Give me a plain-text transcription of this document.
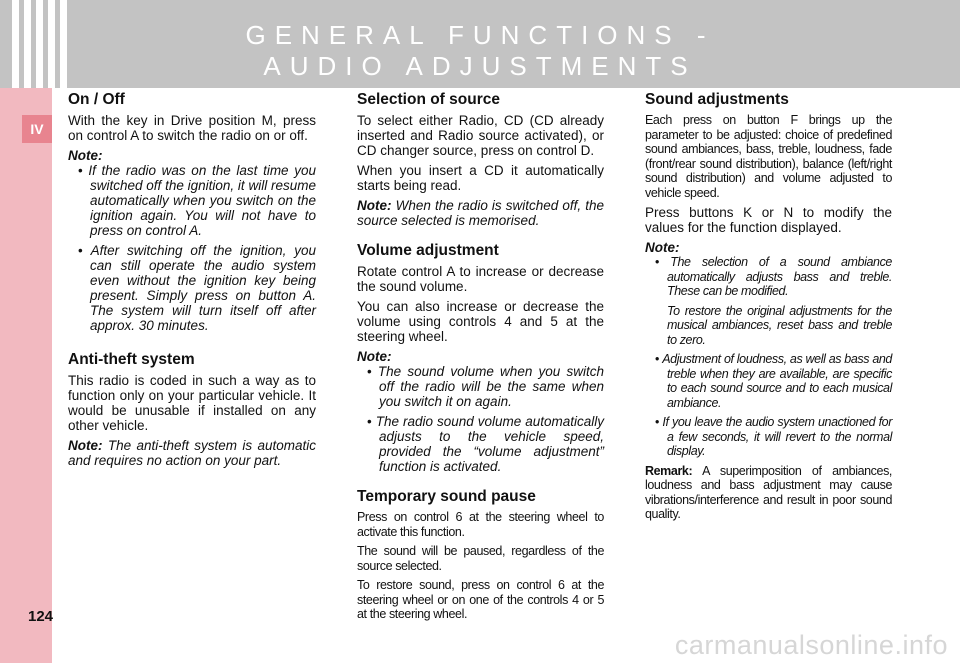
GENERAL FUNCTIONS -
AUDIO ADJUSTMENTS
IV
124
On / Off

With the key in Drive position M, press on control A to switch the radio on or off.

Note:
• If the radio was on the last time you switched off the ignition, it will resume automatically when you switch on the ignition again. You will not have to press on control A.
• After switching off the ignition, you can still operate the audio system even without the ignition key being present. Simply press on button A. The system will turn itself off after approx. 30 minutes.
Anti-theft system

This radio is coded in such a way as to function only on your particular vehicle. It would be unusable if installed on any other vehicle.

Note: The anti-theft system is automatic and requires no action on your part.

Selection of source

To select either Radio, CD (CD already inserted and Radio source activated), or CD changer source, press on control D.

When you insert a CD it automatically starts being read.

Note: When the radio is switched off, the source selected is memorised.

Volume adjustment

Rotate control A to increase or decrease the sound volume.

You can also increase or decrease the volume using controls 4 and 5 at the steering wheel.

Note:
• The sound volume when you switch off the radio will be the same when you switch it on again.
• The radio sound volume automatically adjusts to the vehicle speed, provided the “volume adjustment” function is activated.
Temporary sound pause

Press on control 6 at the steering wheel to activate this function.

The sound will be paused, regardless of the source selected.

To restore sound, press on control 6 at the steering wheel or on one of the controls 4 or 5 at the steering wheel.

Sound adjustments

Each press on button F brings up the parameter to be adjusted: choice of predefined sound ambiances, bass, treble, loudness, fade (front/rear sound distribution), balance (left/right sound distribution) and volume adjusted to vehicle speed.

Press buttons K or N to modify the values for the function displayed.

Note:
• The selection of a sound ambiance automatically adjusts bass and treble. These can be modified.
To restore the original adjustments for the musical ambiances, reset bass and treble to zero.
• Adjustment of loudness, as well as bass and treble when they are available, are specific to each sound source and to each musical ambiance.
• If you leave the audio system unactioned for a few seconds, it will revert to the normal display.

Remark: A superimposition of ambiances, loudness and bass adjustment may cause vibrations/interference and result in poor sound quality.

carmanualsonline.info
